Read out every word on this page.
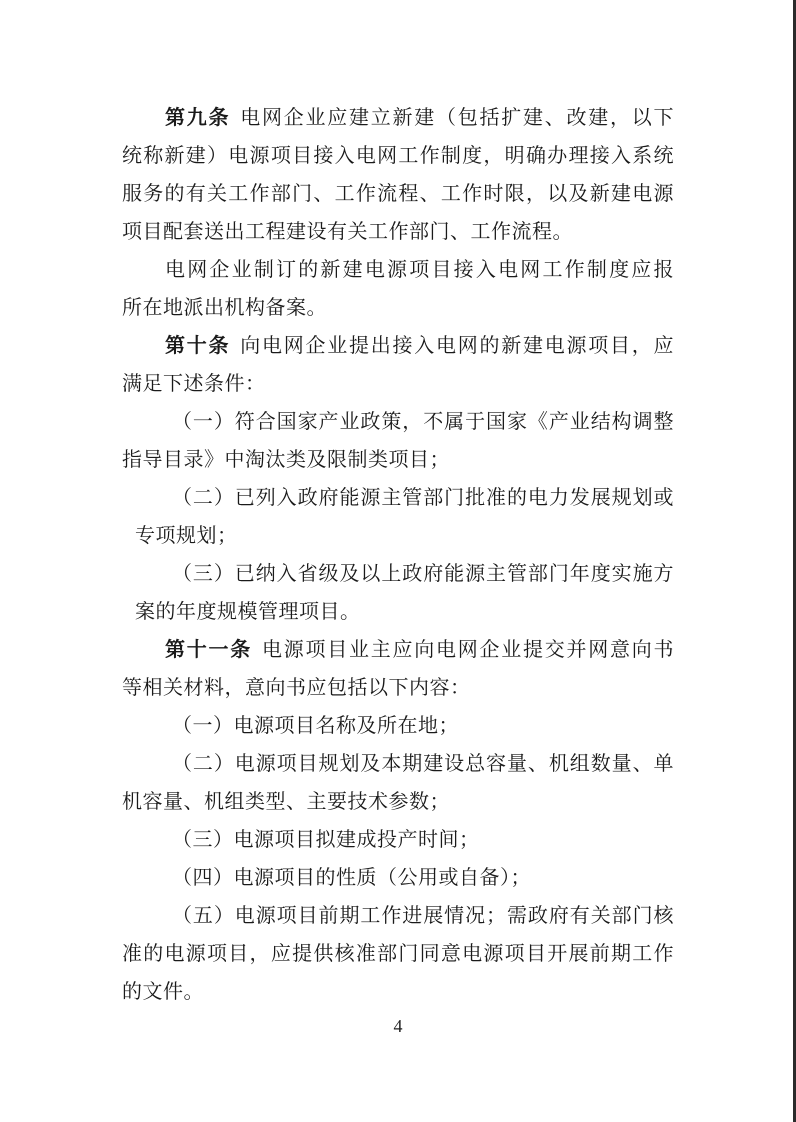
第九条 电网企业应建立新建（包括扩建、改建，以下
统称新建）电源项目接入电网工作制度，明确办理接入系统
服务的有关工作部门、工作流程、工作时限，以及新建电源
项目配套送出工程建设有关工作部门、工作流程。
电网企业制订的新建电源项目接入电网工作制度应报
所在地派出机构备案。
第十条 向电网企业提出接入电网的新建电源项目，应
满足下述条件：
（一）符合国家产业政策，不属于国家《产业结构调整
指导目录》中淘汰类及限制类项目；
（二）已列入政府能源主管部门批准的电力发展规划或
专项规划；
（三）已纳入省级及以上政府能源主管部门年度实施方
案的年度规模管理项目。
第十一条 电源项目业主应向电网企业提交并网意向书
等相关材料，意向书应包括以下内容：
（一）电源项目名称及所在地；
（二）电源项目规划及本期建设总容量、机组数量、单
机容量、机组类型、主要技术参数；
（三）电源项目拟建成投产时间；
（四）电源项目的性质（公用或自备）；
（五）电源项目前期工作进展情况；需政府有关部门核
准的电源项目，应提供核准部门同意电源项目开展前期工作
的文件。
4
